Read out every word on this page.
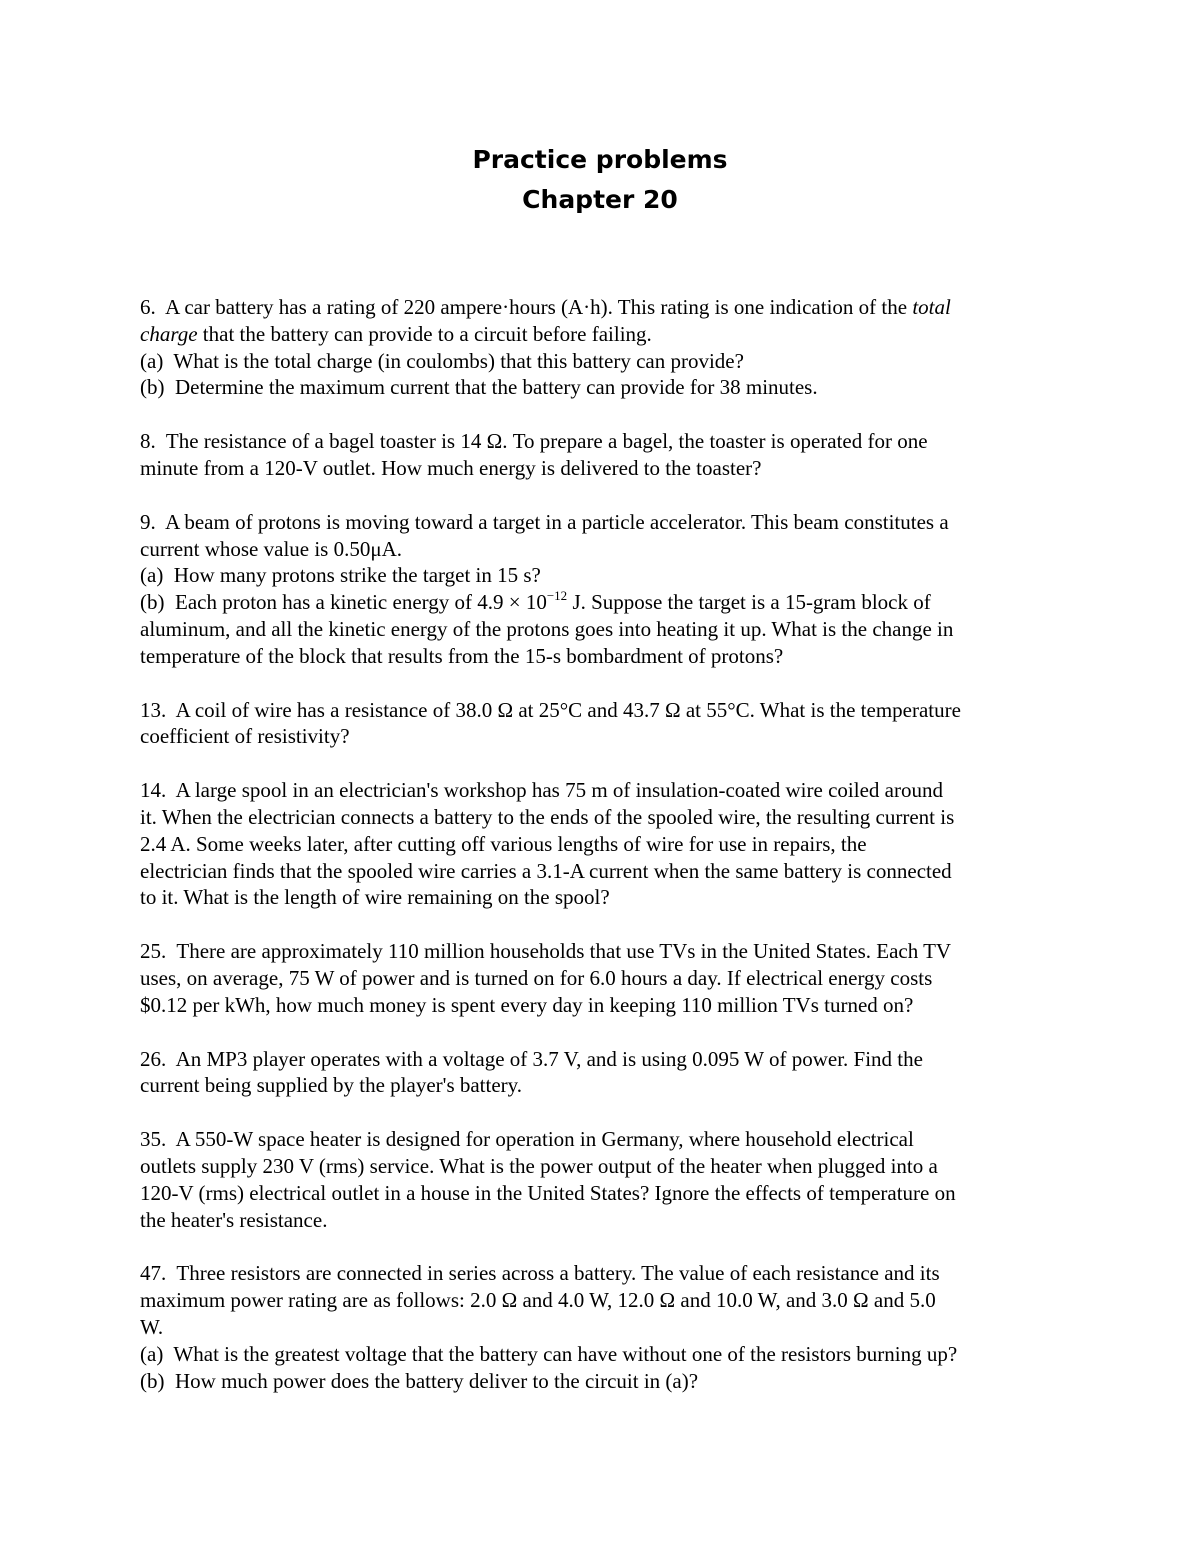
Practice problems
Chapter 20
6.  A car battery has a rating of 220 ampere·hours (A·h). This rating is one indication of the total
charge that the battery can provide to a circuit before failing.
(a)  What is the total charge (in coulombs) that this battery can provide?
(b)  Determine the maximum current that the battery can provide for 38 minutes.
8.  The resistance of a bagel toaster is 14 Ω. To prepare a bagel, the toaster is operated for one
minute from a 120-V outlet. How much energy is delivered to the toaster?
9.  A beam of protons is moving toward a target in a particle accelerator. This beam constitutes a
current whose value is 0.50μA.
(a)  How many protons strike the target in 15 s?
(b)  Each proton has a kinetic energy of $4.9 \times 10^{-12}$ J. Suppose the target is a 15-gram block of
aluminum, and all the kinetic energy of the protons goes into heating it up. What is the change in
temperature of the block that results from the 15-s bombardment of protons?
13.  A coil of wire has a resistance of 38.0 Ω at 25°C and 43.7 Ω at 55°C. What is the temperature
coefficient of resistivity?
14.  A large spool in an electrician's workshop has 75 m of insulation-coated wire coiled around
it. When the electrician connects a battery to the ends of the spooled wire, the resulting current is
2.4 A. Some weeks later, after cutting off various lengths of wire for use in repairs, the
electrician finds that the spooled wire carries a 3.1-A current when the same battery is connected
to it. What is the length of wire remaining on the spool?
25.  There are approximately 110 million households that use TVs in the United States. Each TV
uses, on average, 75 W of power and is turned on for 6.0 hours a day. If electrical energy costs
$0.12 per kWh, how much money is spent every day in keeping 110 million TVs turned on?
26.  An MP3 player operates with a voltage of 3.7 V, and is using 0.095 W of power. Find the
current being supplied by the player's battery.
35.  A 550-W space heater is designed for operation in Germany, where household electrical
outlets supply 230 V (rms) service. What is the power output of the heater when plugged into a
120-V (rms) electrical outlet in a house in the United States? Ignore the effects of temperature on
the heater's resistance.
47.  Three resistors are connected in series across a battery. The value of each resistance and its
maximum power rating are as follows: 2.0 Ω and 4.0 W, 12.0 Ω and 10.0 W, and 3.0 Ω and 5.0
W.
(a)  What is the greatest voltage that the battery can have without one of the resistors burning up?
(b)  How much power does the battery deliver to the circuit in (a)?
